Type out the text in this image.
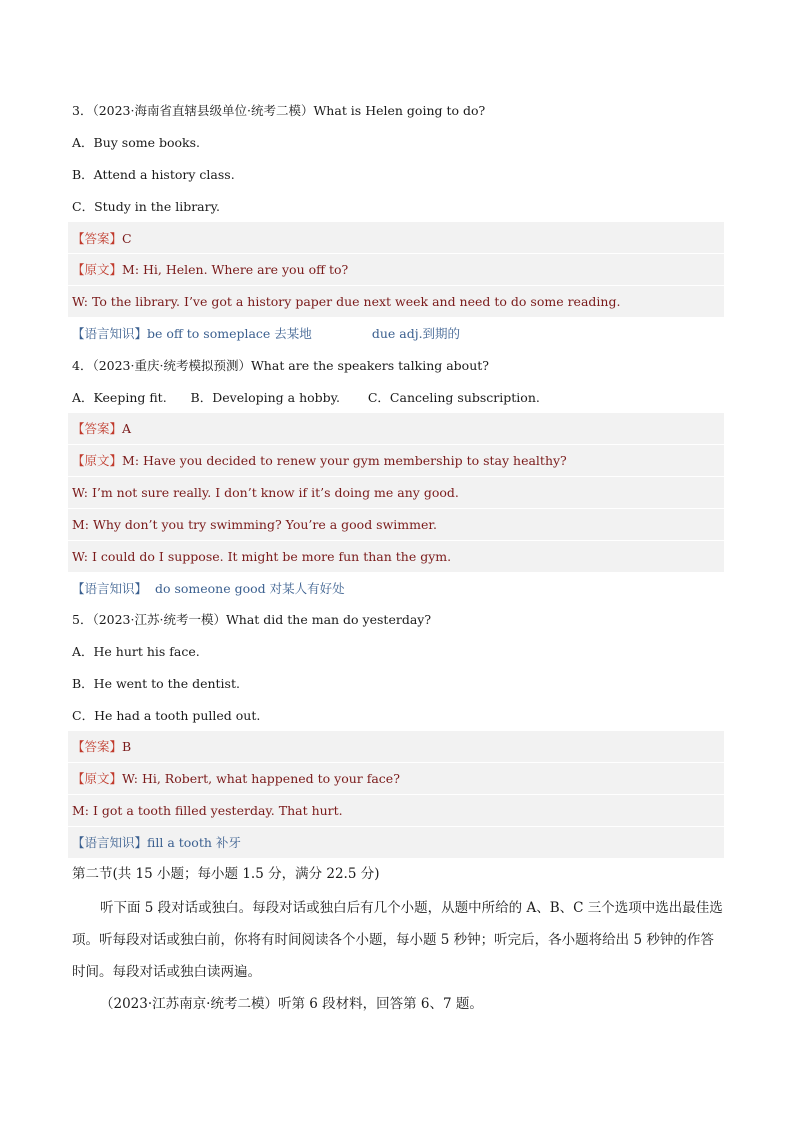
3．（2023·海南省直辖县级单位·统考二模）What is Helen going to do?
A．Buy some books.
B．Attend a history class.
C．Study in the library.
【答案】C
【原文】M: Hi, Helen. Where are you off to?
W: To the library. I’ve got a history paper due next week and need to do some reading.
【语言知识】be off to someplace 去某地	due adj.到期的
4．（2023·重庆·统考模拟预测）What are the speakers talking about?
A．Keeping fit. B．Developing a hobby. C．Canceling subscription.
【答案】A
【原文】M: Have you decided to renew your gym membership to stay healthy?
W: I’m not sure really. I don’t know if it’s doing me any good.
M: Why don’t you try swimming? You’re a good swimmer.
W: I could do I suppose. It might be more fun than the gym.
【语言知识】 do someone good 对某人有好处
5．（2023·江苏·统考一模）What did the man do yesterday?
A．He hurt his face.
B．He went to the dentist.
C．He had a tooth pulled out.
【答案】B
【原文】W: Hi, Robert, what happened to your face?
M: I got a tooth filled yesterday. That hurt.
【语言知识】fill a tooth 补牙
第二节(共 15 小题；每小题 1.5 分，满分 22.5 分)
听下面 5 段对话或独白。每段对话或独白后有几个小题，从题中所给的 A、B、C 三个选项中选出最佳选项。听每段对话或独白前，你将有时间阅读各个小题，每小题 5 秒钟；听完后，各小题将给出 5 秒钟的作答时间。每段对话或独白读两遍。
（2023·江苏南京·统考二模）听第 6 段材料，回答第 6、7 题。
